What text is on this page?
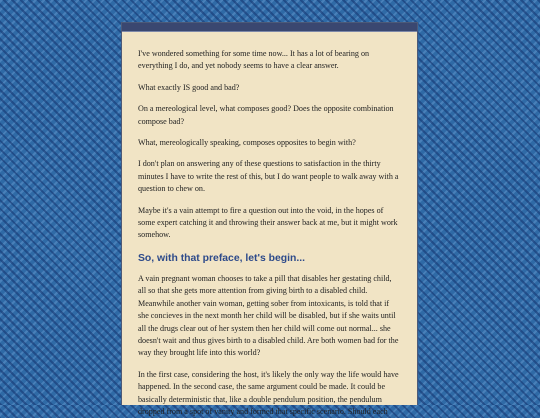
I've wondered something for some time now... It has a lot of bearing on everything I do, and yet nobody seems to have a clear answer.

What exactly IS good and bad?

On a mereological level, what composes good? Does the opposite combination compose bad?

What, mereologically speaking, composes opposites to begin with?

I don't plan on answering any of these questions to satisfaction in the thirty minutes I have to write the rest of this, but I do want people to walk away with a question to chew on.

Maybe it's a vain attempt to fire a question out into the void, in the hopes of some expert catching it and throwing their answer back at me, but it might work somehow.

So, with that preface, let's begin...

A vain pregnant woman chooses to take a pill that disables her gestating child, all so that she gets more attention from giving birth to a disabled child. Meanwhile another vain woman, getting sober from intoxicants, is told that if she concieves in the next month her child will be disabled, but if she waits until all the drugs clear out of her system then her child will come out normal... she doesn't wait and thus gives birth to a disabled child. Are both women bad for the way they brought life into this world?

In the first case, considering the host, it's likely the only way the life would have happened. In the second case, the same argument could be made. It could be basically deterministic that, like a double pendulum position, the pendulum dropped from a spot of vanity and formed that specific scenario. Should each
